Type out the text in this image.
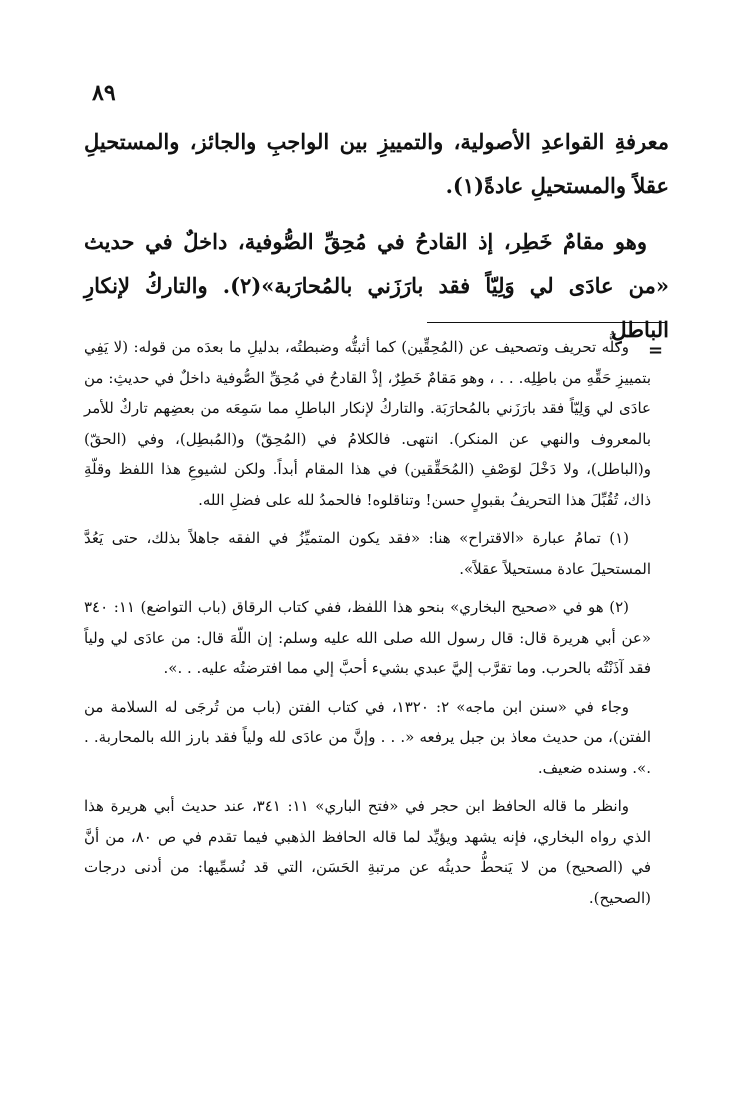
٨٩

معرفةِ القواعدِ الأصولية، والتمييزِ بين الواجبِ والجائز، والمستحيلِ عقلاً والمستحيلِ عادةً(١).

وهو مقامٌ خَطِر، إذ القادحُ في مُحِقِّ الصُّوفية، داخلٌ في حديث «من عادَى لي وَلِيّاً فقد بارَزَني بالمُحارَبة»(٢). والتاركُ لإنكارِ الباطلِ

=

وكلُّه تحريف وتصحيف عن (المُحِقِّين) كما أثبتُّه وضبطتُه، بدليلِ ما بعدَه من قوله: (لا يَفِي بتمييزِ حَقِّهِ من باطِلِه. . . ، وهو مَقامٌ خَطِرٌ، إذْ القادحُ في مُحِقِّ الصُّوفية داخلٌ في حديثِ: من عادَى لي وَلِيّاً فقد بارَزَني بالمُحارَبَة. والتاركُ لإنكار الباطلِ مما سَمِعَه من بعضِهم تاركٌ للأمر بالمعروف والنهي عن المنكر). انتهى. فالكلامُ في (المُحِقّ) و(المُبطِل)، وفي (الحقّ) و(الباطل)، ولا دَخْلَ لوَصْفِ (المُحَقِّقين) في هذا المقام أبداً. ولكن لشيوعِ هذا اللفظ وقلّةِ ذاك، تُقُبِّلَ هذا التحريفُ بقبولٍ حسن! وتناقلوه! فالحمدُ لله على فضلِ الله.

(١) تمامُ عبارة «الاقتراح» هنا: «فقد يكون المتميِّزُ في الفقه جاهلاً بذلك، حتى يَعُدَّ المستحيلَ عادة مستحيلاً عقلاً».

(٢) هو في «صحيح البخاري» بنحو هذا اللفظ، ففي كتاب الرقاق (باب التواضع) ١١: ٣٤٠ «عن أبي هريرة قال: قال رسول الله صلى الله عليه وسلم: إن اللّهَ قال: من عادَى لي ولياً فقد آذَنْتُه بالحرب. وما تقرَّب إليَّ عبدي بشيء أحبَّ إلي مما افترضتُه عليه. . .».

وجاء في «سنن ابن ماجه» ٢: ١٣٢٠، في كتاب الفتن (باب من تُرجَى له السلامة من الفتن)، من حديث معاذ بن جبل يرفعه «. . . وإنَّ من عادَى لله ولياً فقد بارز الله بالمحاربة. . .». وسنده ضعيف.

وانظر ما قاله الحافظ ابن حجر في «فتح الباري» ١١: ٣٤١، عند حديث أبي هريرة هذا الذي رواه البخاري، فإنه يشهد ويؤيِّد لما قاله الحافظ الذهبي فيما تقدم في ص ٨٠، من أنَّ في (الصحيح) من لا يَنحطُّ حديثُه عن مرتبةِ الحَسَن، التي قد نُسمِّيها: من أدنى درجات (الصحيح).
